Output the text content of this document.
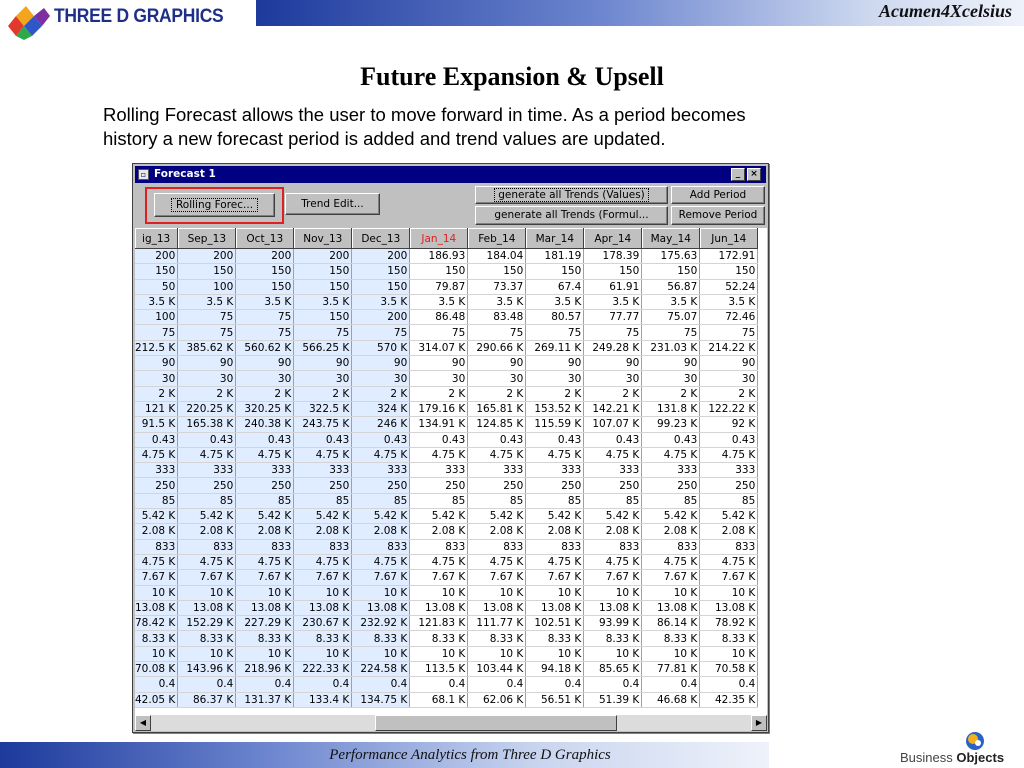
THREE D GRAPHICS	Acumen4Xcelsius
Future Expansion & Upsell
Rolling Forecast allows the user to move forward in time. As a period becomes
history a new forecast period is added and trend values are updated.
▫ Forecast 1	_	×
Rolling Forec...	Trend Edit...
generate all Trends (Values)
generate all Trends (Formul...
Add Period
Remove Period
ig_13	Sep_13	Oct_13	Nov_13	Dec_13	Jan_14	Feb_14	Mar_14	Apr_14	May_14	Jun_14
200	200	200	200	200	186.93	184.04	181.19	178.39	175.63	172.91
150	150	150	150	150	150	150	150	150	150	150
50	100	150	150	150	79.87	73.37	67.4	61.91	56.87	52.24
3.5 K	3.5 K	3.5 K	3.5 K	3.5 K	3.5 K	3.5 K	3.5 K	3.5 K	3.5 K	3.5 K
100	75	75	150	200	86.48	83.48	80.57	77.77	75.07	72.46
75	75	75	75	75	75	75	75	75	75	75
212.5 K	385.62 K	560.62 K	566.25 K	570 K	314.07 K	290.66 K	269.11 K	249.28 K	231.03 K	214.22 K
90	90	90	90	90	90	90	90	90	90	90
30	30	30	30	30	30	30	30	30	30	30
2 K	2 K	2 K	2 K	2 K	2 K	2 K	2 K	2 K	2 K	2 K
121 K	220.25 K	320.25 K	322.5 K	324 K	179.16 K	165.81 K	153.52 K	142.21 K	131.8 K	122.22 K
91.5 K	165.38 K	240.38 K	243.75 K	246 K	134.91 K	124.85 K	115.59 K	107.07 K	99.23 K	92 K
0.43	0.43	0.43	0.43	0.43	0.43	0.43	0.43	0.43	0.43	0.43
4.75 K	4.75 K	4.75 K	4.75 K	4.75 K	4.75 K	4.75 K	4.75 K	4.75 K	4.75 K	4.75 K
333	333	333	333	333	333	333	333	333	333	333
250	250	250	250	250	250	250	250	250	250	250
85	85	85	85	85	85	85	85	85	85	85
5.42 K	5.42 K	5.42 K	5.42 K	5.42 K	5.42 K	5.42 K	5.42 K	5.42 K	5.42 K	5.42 K
2.08 K	2.08 K	2.08 K	2.08 K	2.08 K	2.08 K	2.08 K	2.08 K	2.08 K	2.08 K	2.08 K
833	833	833	833	833	833	833	833	833	833	833
4.75 K	4.75 K	4.75 K	4.75 K	4.75 K	4.75 K	4.75 K	4.75 K	4.75 K	4.75 K	4.75 K
7.67 K	7.67 K	7.67 K	7.67 K	7.67 K	7.67 K	7.67 K	7.67 K	7.67 K	7.67 K	7.67 K
10 K	10 K	10 K	10 K	10 K	10 K	10 K	10 K	10 K	10 K	10 K
13.08 K	13.08 K	13.08 K	13.08 K	13.08 K	13.08 K	13.08 K	13.08 K	13.08 K	13.08 K	13.08 K
78.42 K	152.29 K	227.29 K	230.67 K	232.92 K	121.83 K	111.77 K	102.51 K	93.99 K	86.14 K	78.92 K
8.33 K	8.33 K	8.33 K	8.33 K	8.33 K	8.33 K	8.33 K	8.33 K	8.33 K	8.33 K	8.33 K
10 K	10 K	10 K	10 K	10 K	10 K	10 K	10 K	10 K	10 K	10 K
70.08 K	143.96 K	218.96 K	222.33 K	224.58 K	113.5 K	103.44 K	94.18 K	85.65 K	77.81 K	70.58 K
0.4	0.4	0.4	0.4	0.4	0.4	0.4	0.4	0.4	0.4	0.4
42.05 K	86.37 K	131.37 K	133.4 K	134.75 K	68.1 K	62.06 K	56.51 K	51.39 K	46.68 K	42.35 K
◀	▶
Performance Analytics from Three D Graphics	Business Objects
